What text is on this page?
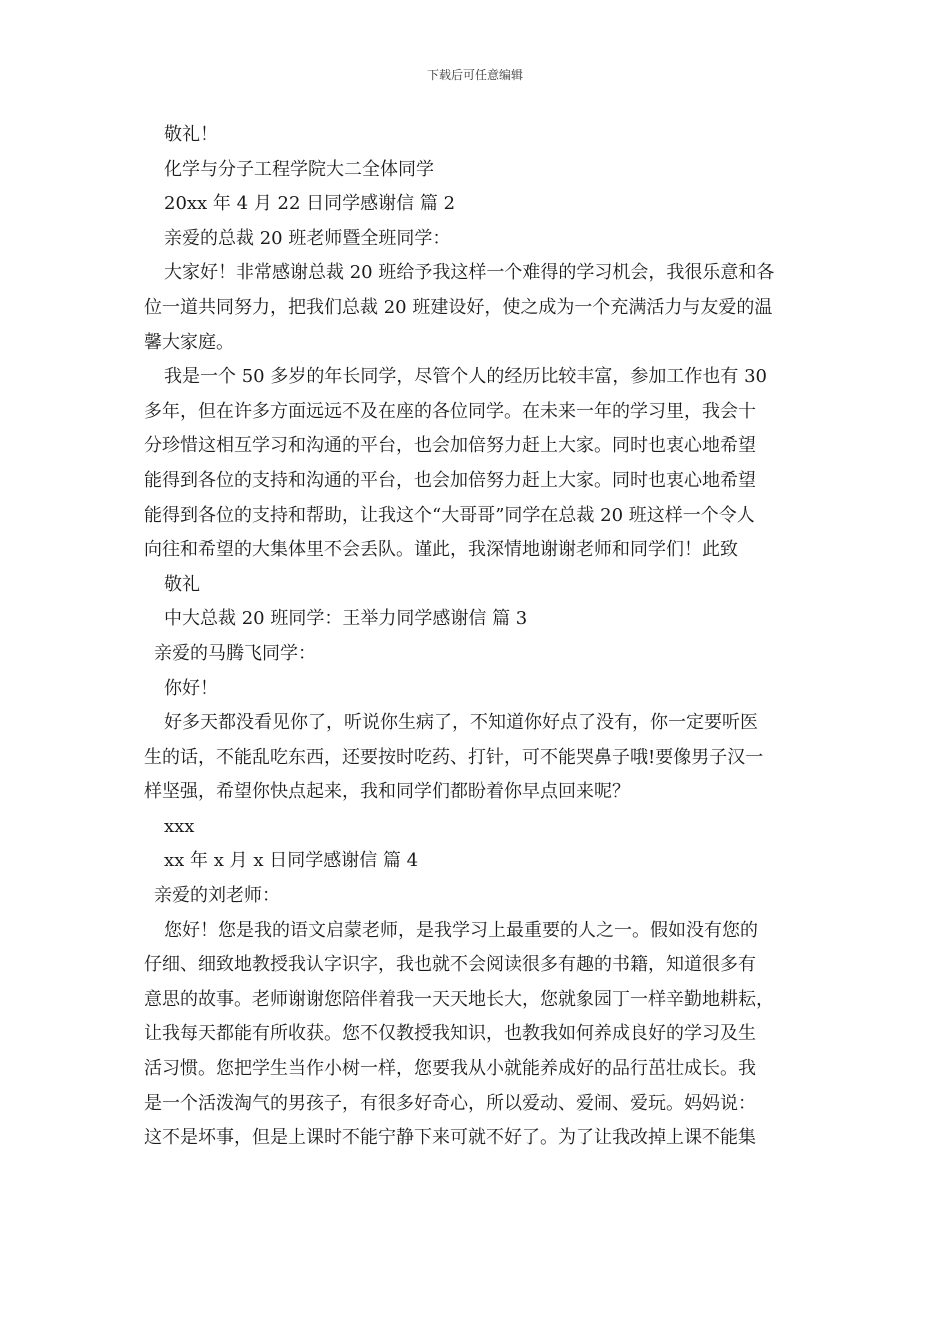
下载后可任意编辑
敬礼！
化学与分子工程学院大二全体同学
20xx 年 4 月 22 日同学感谢信 篇 2
亲爱的总裁 20 班老师暨全班同学：
大家好！非常感谢总裁 20 班给予我这样一个难得的学习机会，我很乐意和各
位一道共同努力，把我们总裁 20 班建设好，使之成为一个充满活力与友爱的温
馨大家庭。
我是一个 50 多岁的年长同学，尽管个人的经历比较丰富，参加工作也有 30
多年，但在许多方面远远不及在座的各位同学。在未来一年的学习里，我会十
分珍惜这相互学习和沟通的平台，也会加倍努力赶上大家。同时也衷心地希望
能得到各位的支持和沟通的平台，也会加倍努力赶上大家。同时也衷心地希望
能得到各位的支持和帮助，让我这个“大哥哥”同学在总裁 20 班这样一个令人
向往和希望的大集体里不会丢队。谨此，我深情地谢谢老师和同学们！此致
敬礼
中大总裁 20 班同学：王举力同学感谢信 篇 3
亲爱的马腾飞同学：
你好！
好多天都没看见你了，听说你生病了，不知道你好点了没有，你一定要听医
生的话，不能乱吃东西，还要按时吃药、打针，可不能哭鼻子哦!要像男子汉一
样坚强，希望你快点起来，我和同学们都盼着你早点回来呢？
xxx
xx 年 x 月 x 日同学感谢信 篇 4
亲爱的刘老师：
您好！您是我的语文启蒙老师，是我学习上最重要的人之一。假如没有您的
仔细、细致地教授我认字识字，我也就不会阅读很多有趣的书籍，知道很多有
意思的故事。老师谢谢您陪伴着我一天天地长大，您就象园丁一样辛勤地耕耘，
让我每天都能有所收获。您不仅教授我知识，也教我如何养成良好的学习及生
活习惯。您把学生当作小树一样，您要我从小就能养成好的品行茁壮成长。我
是一个活泼淘气的男孩子，有很多好奇心，所以爱动、爱闹、爱玩。妈妈说：
这不是坏事，但是上课时不能宁静下来可就不好了。为了让我改掉上课不能集
